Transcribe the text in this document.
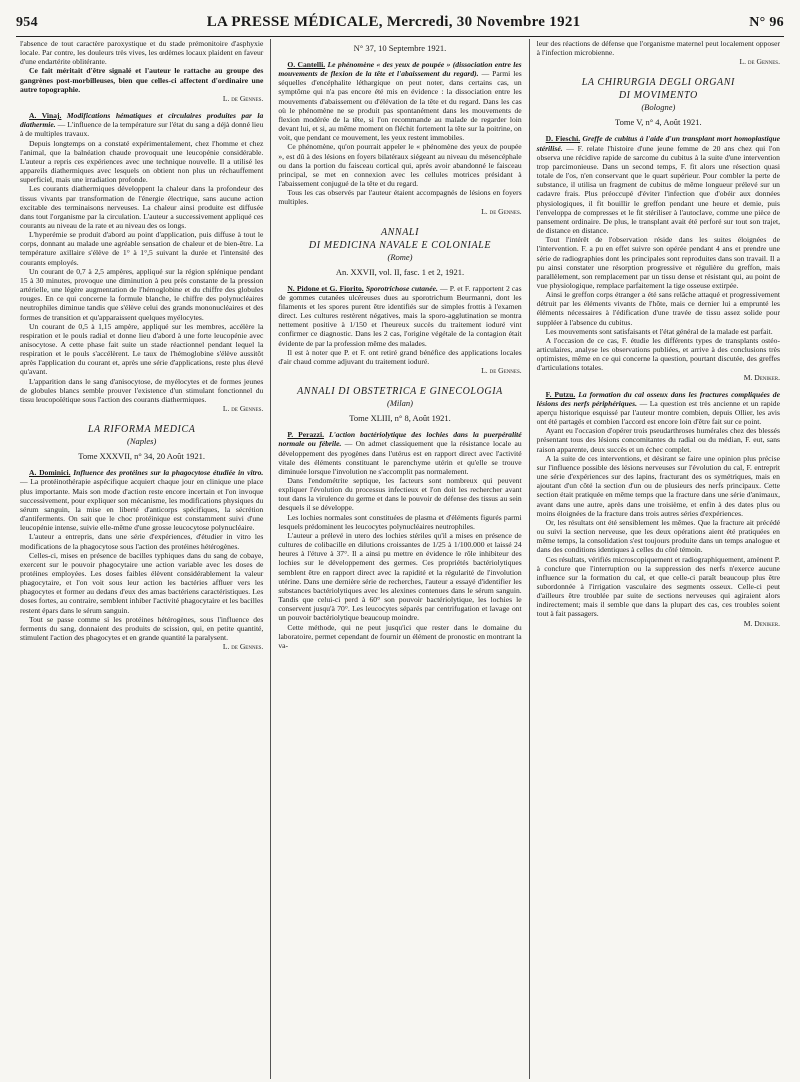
954	LA PRESSE MÉDICALE, Mercredi, 30 Novembre 1921	N° 96

l'absence de tout caractère paroxystique et du stade prémonitoire d'asphyxie locale. Par contre, les douleurs très vives, les œdèmes locaux plaident en faveur d'une endartérite oblitérante.

Ce fait méritait d'être signalé et l'auteur le rattache au groupe des gangrènes post-morbilleuses, bien que celles-ci affectent d'ordinaire une autre topographie.

L. de Gennes.

A. Vinaj. Modifications hématiques et circulaires produites par la diathermie. — L'influence de la température sur l'état du sang a déjà donné lieu à de multiples travaux.

Depuis longtemps on a constaté expérimentalement, chez l'homme et chez l'animal, que la balnéation chaude provoquait une leucopénie considérable. L'auteur a repris ces expériences avec une technique nouvelle. Il a utilisé les appareils diathermiques avec lesquels on obtient non plus un réchauffement superficiel, mais une irradiation profonde.

Les courants diathermiques développent la chaleur dans la profondeur des tissus vivants par transformation de l'énergie électrique, sans aucune action excitable des terminaisons nerveuses. La chaleur ainsi produite est diffusée dans tout l'organisme par la circulation. L'auteur a successivement appliqué ces courants au niveau de la rate et au niveau des os longs.

L'hyperémie se produit d'abord au point d'application, puis diffuse à tout le corps, donnant au malade une agréable sensation de chaleur et de bien-être. La température axillaire s'élève de 1° à 1°,5 suivant la durée et l'intensité des courants employés.

Un courant de 0,7 à 2,5 ampères, appliqué sur la région splénique pendant 15 à 30 minutes, provoque une diminution à peu près constante de la pression artérielle, une légère augmentation de l'hémoglobine et du chiffre des globules rouges. En ce qui concerne la formule blanche, le chiffre des polynucléaires neutrophiles diminue tandis que s'élève celui des grands mononucléaires et des formes de transition et qu'apparaissent quelques myélocytes.

Un courant de 0,5 à 1,15 ampère, appliqué sur les membres, accélère la respiration et le pouls radial et donne lieu d'abord à une forte leucopénie avec anisocytose. A cette phase fait suite un stade réactionnel pendant lequel la respiration et le pouls s'accélèrent. Le taux de l'hémoglobine s'élève aussitôt après l'application du courant et, après une série d'applications, reste plus élevé qu'avant.

L'apparition dans le sang d'anisocytose, de myélocytes et de formes jeunes de globules blancs semble prouver l'existence d'un stimulant fonctionnel du tissu leucopoïétique sous l'action des courants diathermiques.

L. de Gennes.
LA RIFORMA MEDICA
(Naples)
Tome XXXVII, n° 34, 20 Août 1921.

A. Dominici. Influence des protéines sur la phagocytose étudiée in vitro. — La protéinothérapie aspécifique acquiert chaque jour en clinique une place plus importante. Mais son mode d'action reste encore incertain et l'on invoque successivement, pour expliquer son mécanisme, les modifications physiques du sérum sanguin, la mise en liberté d'anticorps spécifiques, la sécrétion d'antiferments. On sait que le choc protéinique est constamment suivi d'une leucopénie intense, suivie elle-même d'une grosse leucocytose polynucléaire.

L'auteur a entrepris, dans une série d'expériences, d'étudier in vitro les modifications de la phagocytose sous l'action des protéines hétérogènes.

Celles-ci, mises en présence de bacilles typhiques dans du sang de cobaye, exercent sur le pouvoir phagocytaire une action variable avec les doses de protéines employées. Les doses faibles élèvent considérablement la valeur phagocytaire, et l'on voit sous leur action les bactéries affluer vers les phagocytes et former au dedans d'eux des amas bactériens caractéristiques. Les doses fortes, au contraire, semblent inhiber l'activité phagocytaire et les bacilles restent épars dans le sérum sanguin.

Tout se passe comme si les protéines hétérogènes, sous l'influence des ferments du sang, donnaient des produits de scission, qui, en petite quantité, stimulent l'action des phagocytes et en grande quantité la paralysent.

L. de Gennes.
N° 37, 10 Septembre 1921.

O. Cantelli. Le phénomène « des yeux de poupée » (dissociation entre les mouvements de flexion de la tête et l'abaissement du regard). — Parmi les séquelles d'encéphalite léthargique on peut noter, dans certains cas, un symptôme qui n'a pas encore été mis en évidence : la dissociation entre les mouvements d'abaissement ou d'élévation de la tête et du regard. Dans les cas où le phénomène ne se produit pas spontanément dans les mouvements de flexion modérée de la tête, si l'on recommande au malade de regarder loin devant lui, et si, au même moment on fléchit fortement la tête sur la poitrine, on voit, que pendant ce mouvement, les yeux restent immobiles.

Ce phénomène, qu'on pourrait appeler le « phénomène des yeux de poupée », est dû à des lésions en foyers bilatéraux siégeant au niveau du mésencéphale ou dans la portion du faisceau cortical qui, après avoir abandonné le faisceau principal, se met en connexion avec les cellules motrices présidant à l'abaissement conjugué de la tête et du regard.

Tous les cas observés par l'auteur étaient accompagnés de lésions en foyers multiples.

L. de Gennes.
ANNALI
DI MEDICINA NAVALE E COLONIALE
(Rome)
An. XXVII, vol. II, fasc. 1 et 2, 1921.

N. Pidone et G. Fiorito. Sporotrichose cutanée. — P. et F. rapportent 2 cas de gommes cutanées ulcéreuses dues au sporotrichum Beurmanni, dont les filaments et les spores purent être identifiés sur de simples frottis à l'examen direct. Les cultures restèrent négatives, mais la sporo-agglutination se montra nettement positive à 1/150 et l'heureux succès du traitement ioduré vint confirmer ce diagnostic. Dans les 2 cas, l'origine végétale de la contagion était évidente de par la profession même des malades.

Il est à noter que P. et F. ont retiré grand bénéfice des applications locales d'air chaud comme adjuvant du traitement ioduré.

L. de Gennes.
ANNALI DI OBSTETRICA E GINECOLOGIA
(Milan)
Tome XLIII, n° 8, Août 1921.

P. Perazzi. L'action bactériolytique des lochies dans la puerpéralité normale ou fébrile. — On admet classiquement que la résistance locale au développement des pyogènes dans l'utérus est en rapport direct avec l'activité vitale des éléments constituant le parenchyme utérin et qu'elle se trouve diminuée lorsque l'involution ne s'accomplit pas normalement.

Dans l'endométrite septique, les facteurs sont nombreux qui peuvent expliquer l'évolution du processus infectieux et l'on doit les rechercher avant tout dans la virulence du germe et dans le pouvoir de défense des tissus au sein desquels il se développe.

Les lochies normales sont constituées de plasma et d'éléments figurés parmi lesquels prédominent les leucocytes polynucléaires neutrophiles.

L'auteur a prélevé in utero des lochies stériles qu'il a mises en présence de cultures de colibacille en dilutions croissantes de 1/25 à 1/100.000 et laissé 24 heures à l'étuve à 37°. Il a ainsi pu mettre en évidence le rôle inhibiteur des lochies sur le développement des germes. Ces propriétés bactériolytiques semblent être en rapport direct avec la rapidité et la régularité de l'involution utérine. Dans une dernière série de recherches, l'auteur a essayé d'identifier les substances bactériolytiques avec les alexines contenues dans le sérum sanguin. Tandis que celui-ci perd à 60° son pouvoir bactériolytique, les lochies le conservent jusqu'à 70°. Les leucocytes séparés par centrifugation et lavage ont un pouvoir bactériolytique beaucoup moindre.

Cette méthode, qui ne peut jusqu'ici que rester dans le domaine du laboratoire, permet cependant de fournir un élément de pronostic en montrant la va-

leur des réactions de défense que l'organisme maternel peut localement opposer à l'infection microbienne.

L. de Gennes.
LA CHIRURGIA DEGLI ORGANI
DI MOVIMENTO
(Bologne)
Tome V, n° 4, Août 1921.

D. Fieschi. Greffe de cubitus à l'aide d'un transplant mort homoplastique stérilisé. — F. relate l'histoire d'une jeune femme de 20 ans chez qui l'on observa une récidive rapide de sarcome du cubitus à la suite d'une intervention trop parcimonieuse. Dans un second temps, F. fit alors une résection quasi totale de l'os, n'en conservant que le quart supérieur. Pour combler la perte de substance, il utilisa un fragment de cubitus de même longueur prélevé sur un cadavre frais. Plus préoccupé d'éviter l'infection que d'obéir aux données physiologiques, il fit bouillir le greffon pendant une heure et demie, puis l'enveloppa de compresses et le fit stériliser à l'autoclave, comme une pièce de pansement ordinaire. De plus, le transplant avait été perforé sur tout son trajet, de distance en distance.

Tout l'intérêt de l'observation réside dans les suites éloignées de l'intervention. F. a pu en effet suivre son opérée pendant 4 ans et prendre une série de radiographies dont les principales sont reproduites dans son travail. Il a pu ainsi constater une résorption progressive et régulière du greffon, mais parallèlement, son remplacement par un tissu dense et résistant qui, au point de vue physiologique, remplace parfaitement la tige osseuse extirpée.

Ainsi le greffon corps étranger a été sans relâche attaqué et progressivement détruit par les éléments vivants de l'hôte, mais ce dernier lui a emprunté les éléments nécessaires à l'édification d'une travée de tissu assez solide pour suppléer à l'absence du cubitus.

Les mouvements sont satisfaisants et l'état général de la malade est parfait.

A l'occasion de ce cas, F. étudie les différents types de transplants ostéo-articulaires, analyse les observations publiées, et arrive à des conclusions très optimistes, même en ce qui concerne la question, pourtant discutée, des greffes d'articulations totales.

M. Deniker.

F. Putzu. La formation du cal osseux dans les fractures compliquées de lésions des nerfs périphériques. — La question est très ancienne et un rapide aperçu historique esquissé par l'auteur montre combien, depuis Ollier, les avis ont été partagés et combien l'accord est encore loin d'être fait sur ce point.

Ayant eu l'occasion d'opérer trois pseudarthroses humérales chez des blessés présentant tous des lésions concomitantes du radial ou du médian, F. eut, sans raison apparente, deux succès et un échec complet.

A la suite de ces interventions, et désirant se faire une opinion plus précise sur l'influence possible des lésions nerveuses sur l'évolution du cal, F. entreprit une série d'expériences sur des lapins, fracturant des os symétriques, mais en ajoutant d'un côté la section d'un ou de plusieurs des nerfs principaux. Cette section était pratiquée en même temps que la fracture dans une série d'animaux, avant dans une autre, après dans une troisième, et enfin à des dates plus ou moins éloignées de la fracture dans trois autres séries d'expériences.

Or, les résultats ont été sensiblement les mêmes. Que la fracture ait précédé ou suivi la section nerveuse, que les deux opérations aient été pratiquées en même temps, la consolidation s'est toujours produite dans un temps analogue et dans des conditions identiques à celles du côté témoin.

Ces résultats, vérifiés microscopiquement et radiographiquement, amènent P. à conclure que l'interruption ou la suppression des nerfs n'exerce aucune influence sur la formation du cal, et que celle-ci paraît beaucoup plus être subordonnée à l'irrigation vasculaire des segments osseux. Celle-ci peut d'ailleurs être troublée par suite de sections nerveuses qui agiraient alors indirectement; mais il semble que dans la plupart des cas, ces troubles soient tout à fait passagers.

M. Deniker.
